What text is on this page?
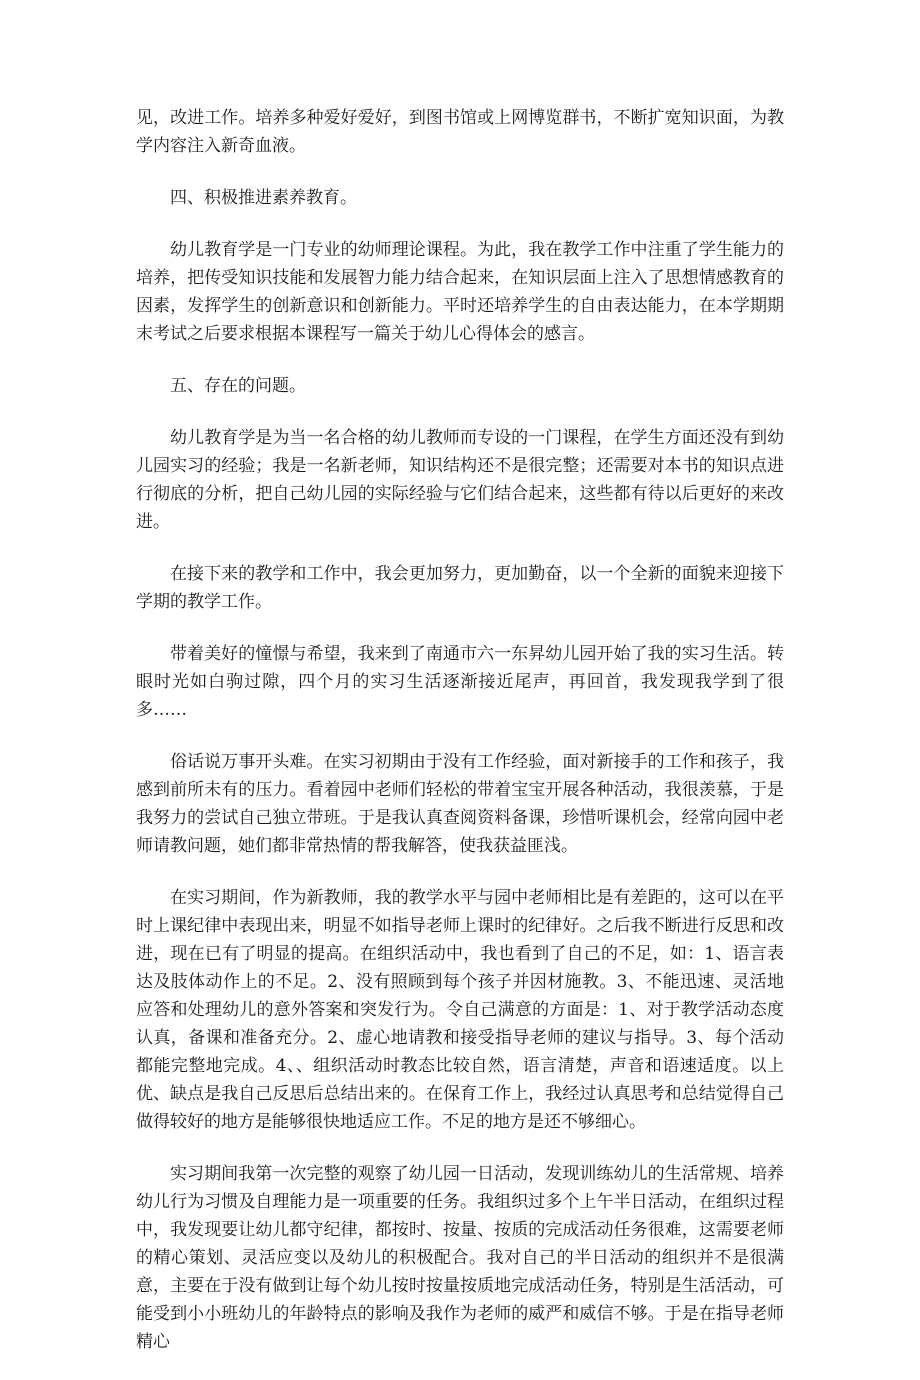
见，改进工作。培养多种爱好爱好，到图书馆或上网博览群书，不断扩宽知识面，为教学内容注入新奇血液。

四、积极推进素养教育。

幼儿教育学是一门专业的幼师理论课程。为此，我在教学工作中注重了学生能力的培养，把传受知识技能和发展智力能力结合起来，在知识层面上注入了思想情感教育的因素，发挥学生的创新意识和创新能力。平时还培养学生的自由表达能力，在本学期期末考试之后要求根据本课程写一篇关于幼儿心得体会的感言。

五、存在的问题。

幼儿教育学是为当一名合格的幼儿教师而专设的一门课程，在学生方面还没有到幼儿园实习的经验；我是一名新老师，知识结构还不是很完整；还需要对本书的知识点进行彻底的分析，把自己幼儿园的实际经验与它们结合起来，这些都有待以后更好的来改进。

在接下来的教学和工作中，我会更加努力，更加勤奋，以一个全新的面貌来迎接下学期的教学工作。

带着美好的憧憬与希望，我来到了南通市六一东昇幼儿园开始了我的实习生活。转眼时光如白驹过隙，四个月的实习生活逐渐接近尾声，再回首，我发现我学到了很多……

俗话说万事开头难。在实习初期由于没有工作经验，面对新接手的工作和孩子，我感到前所未有的压力。看着园中老师们轻松的带着宝宝开展各种活动，我很羡慕，于是我努力的尝试自己独立带班。于是我认真查阅资料备课，珍惜听课机会，经常向园中老师请教问题，她们都非常热情的帮我解答，使我获益匪浅。

在实习期间，作为新教师，我的教学水平与园中老师相比是有差距的，这可以在平时上课纪律中表现出来，明显不如指导老师上课时的纪律好。之后我不断进行反思和改进，现在已有了明显的提高。在组织活动中，我也看到了自己的不足，如：1、语言表达及肢体动作上的不足。2、没有照顾到每个孩子并因材施教。3、不能迅速、灵活地应答和处理幼儿的意外答案和突发行为。令自己满意的方面是：1、对于教学活动态度认真，备课和准备充分。2、虚心地请教和接受指导老师的建议与指导。3、每个活动都能完整地完成。4、、组织活动时教态比较自然，语言清楚，声音和语速适度。以上优、缺点是我自己反思后总结出来的。在保育工作上，我经过认真思考和总结觉得自己做得较好的地方是能够很快地适应工作。不足的地方是还不够细心。

实习期间我第一次完整的观察了幼儿园一日活动，发现训练幼儿的生活常规、培养幼儿行为习惯及自理能力是一项重要的任务。我组织过多个上午半日活动，在组织过程中，我发现要让幼儿都守纪律，都按时、按量、按质的完成活动任务很难，这需要老师的精心策划、灵活应变以及幼儿的积极配合。我对自己的半日活动的组织并不是很满意，主要在于没有做到让每个幼儿按时按量按质地完成活动任务，特别是生活活动，可能受到小小班幼儿的年龄特点的影响及我作为老师的威严和威信不够。于是在指导老师精心
